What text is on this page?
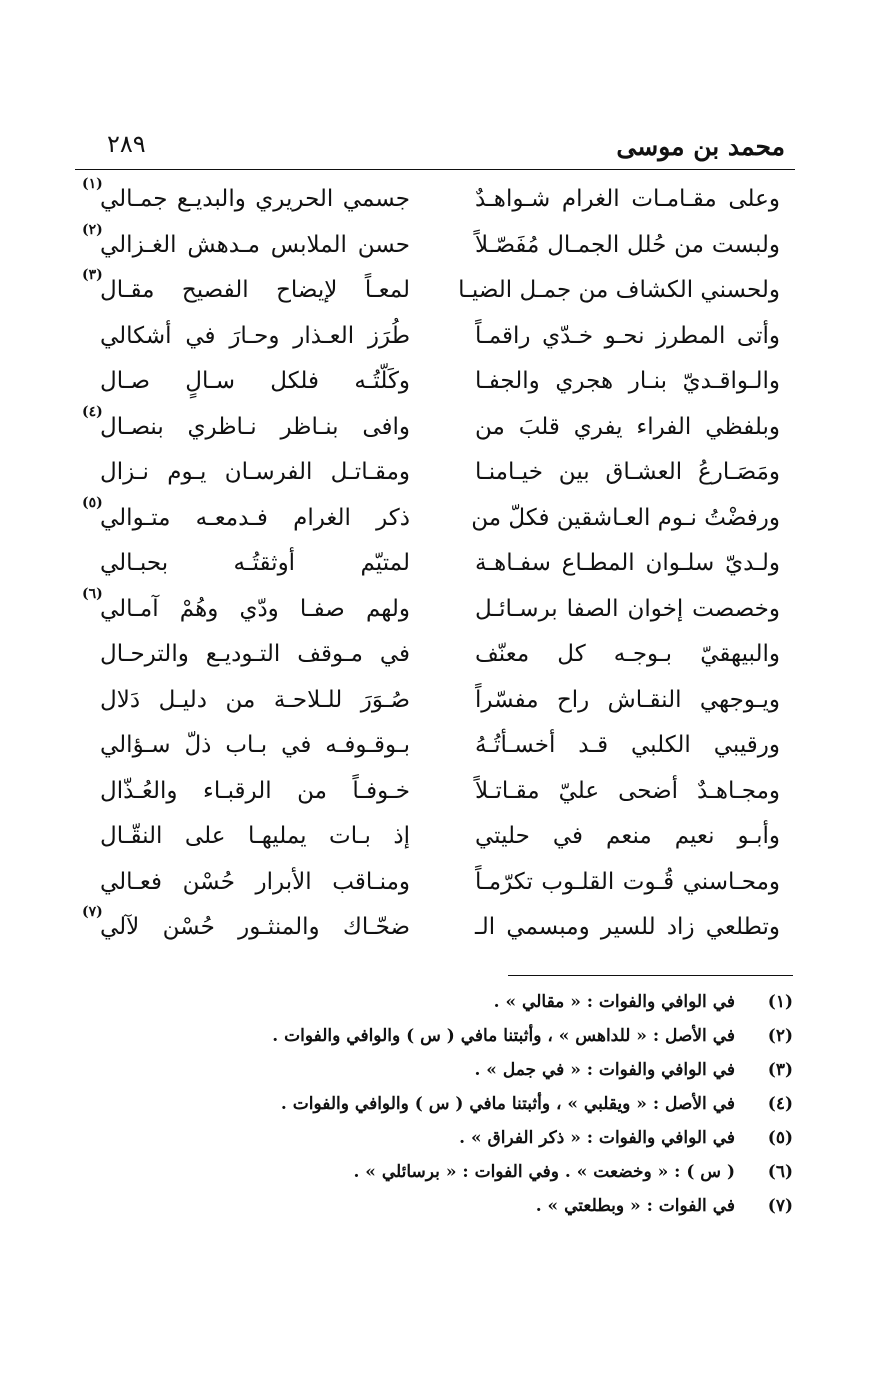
محمد بن موسى
٢٨٩
وعلى مقـامـات الغرام شـواهـدٌ
جسمي الحريري والبديـع جمـالي
(١)
ولبست من حُلل الجمـال مُفَصّـلاً
حسن الملابس مـدهش الغـزالي
(٢)
ولحسني الكشاف من جمـل الضيـا
لمعـاً لإيضاح الفصيح مقـال
(٣)
وأتى المطرز نحـو خـدّي راقمـاً
طُرَز العـذار وحـارَ في أشكالي
والـواقـديّ بنـار هجري والجفـا
وكَلّتُـه فلكل سـالٍ صـال
وبلفظي الفراء يفري قلبَ من
وافى بنـاظر نـاظري بنصـال
(٤)
ومَصَـارعُ العشـاق بين خيـامنـا
ومقـاتـل الفرسـان يـوم نـزال
ورفضْتُ نـوم العـاشقين فكلّ من
ذكر الغرام فـدمعـه متـوالي
(٥)
ولـديّ سلـوان المطـاع سفـاهـة
لمتيّم أوثقتُـه بحبـالي
وخصصت إخوان الصفا برسـائـل
ولهم صفـا ودّي وهُمْ آمـالي
(٦)
والبيهقيّ بـوجـه كل معنّف
في مـوقف التـوديـع والترحـال
ويـوجهي النقـاش راح مفسّراً
صُـوَرَ للـلاحـة من دليـل دَلال
ورقيبي الكلبي قـد أخسـأتُـهُ
بـوقـوفـه في بـاب ذلّ سـؤالي
ومجـاهـدٌ أضحى عليّ مقـاتـلاً
خـوفـاً من الرقبـاء والعُـذّال
وأبـو نعيم منعم في حليتي
إذ بـات يمليهـا على النقّـال
ومحـاسني قُـوت القلـوب تكرّمـاً
ومنـاقب الأبرار حُسْن فعـالي
وتطلعي زاد للسير ومبسمي الـ
ضحّـاك والمنثـور حُسْن لآلي
(٧)
(١)
في الوافي والفوات : « مقالي » .
(٢)
في الأصل : « للداهس » ، وأثبتنا مافي ( س ) والوافي والفوات .
(٣)
في الوافي والفوات : « في جمل » .
(٤)
في الأصل : « ويقلبي » ، وأثبتنا مافي ( س ) والوافي والفوات .
(٥)
في الوافي والفوات : « ذكر الفراق » .
(٦)
( س ) : « وخضعت » . وفي الفوات : « برسائلي » .
(٧)
في الفوات : « وبطلعتي » .
